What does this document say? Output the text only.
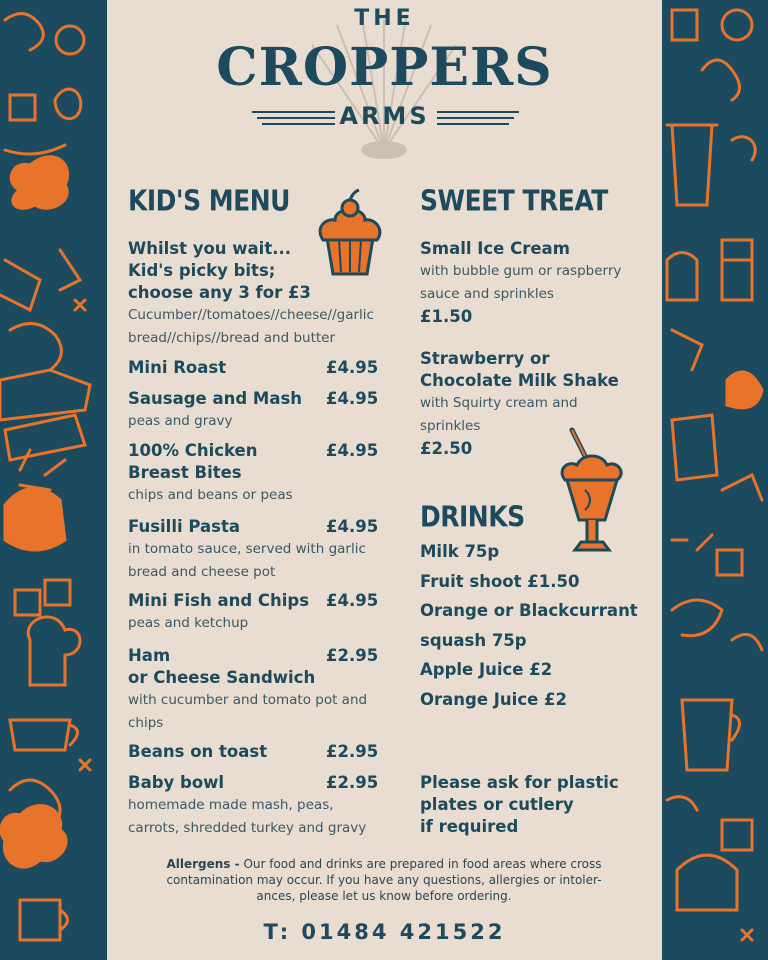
THE
CROPPERS
ARMS
KID'S MENU
Whilst you wait...
Kid's picky bits;
choose any 3 for £3
Cucumber//tomatoes//cheese//garlic
bread//chips//bread and butter
Mini Roast	£4.95
Sausage and Mash	£4.95
peas and gravy
100% Chicken	£4.95
Breast Bites
chips and beans or peas
Fusilli Pasta	£4.95
in tomato sauce, served with garlic
bread and cheese pot
Mini Fish and Chips	£4.95
peas and ketchup
Ham	£2.95
or Cheese Sandwich
with cucumber and tomato pot and
chips
Beans on toast	£2.95
Baby bowl	£2.95
homemade made mash, peas,
carrots, shredded turkey and gravy
SWEET TREAT
Small Ice Cream
with bubble gum or raspberry
sauce and sprinkles
£1.50
Strawberry or
Chocolate Milk Shake
with Squirty cream and
sprinkles
£2.50
DRINKS
Milk 75p
Fruit shoot £1.50
Orange or Blackcurrant
squash 75p
Apple Juice £2
Orange Juice £2
Please ask for plastic
plates or cutlery
if required
Allergens - Our food and drinks are prepared in food areas where cross
contamination may occur. If you have any questions, allergies or intoler-
ances, please let us know before ordering.
T: 01484 421522
